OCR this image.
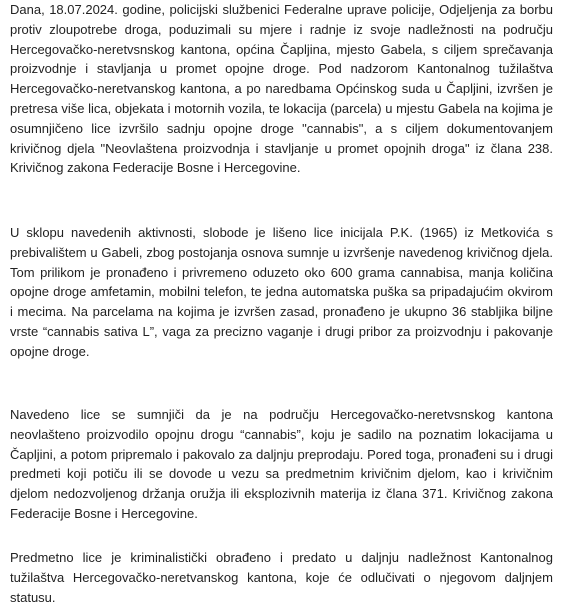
Dana, 18.07.2024. godine, policijski službenici Federalne uprave policije, Odjeljenja za borbu protiv zloupotrebe droga, poduzimali su mjere i radnje iz svoje nadležnosti na području Hercegovačko-neretvsnskog kantona, općina Čapljina, mjesto Gabela, s ciljem sprečavanja proizvodnje i stavljanja u promet opojne droge. Pod nadzorom Kantonalnog tužilaštva Hercegovačko-neretvanskog kantona, a po naredbama Općinskog suda u Čapljini, izvršen je pretresa više lica, objekata i motornih vozila, te lokacija (parcela) u mjestu Gabela na kojima je osumnjičeno lice izvršilo sadnju opojne droge "cannabis", a s ciljem dokumentovanjem krivičnog djela "Neovlaštena proizvodnja i stavljanje u promet opojnih droga" iz člana 238. Krivičnog zakona Federacije Bosne i Hercegovine.

U sklopu navedenih aktivnosti, slobode je lišeno lice inicijala P.K. (1965) iz Metkovića s prebivalištem u Gabeli, zbog postojanja osnova sumnje u izvršenje navedenog krivičnog djela. Tom prilikom je pronađeno i privremeno oduzeto oko 600 grama cannabisa, manja količina opojne droge amfetamin, mobilni telefon, te jedna automatska puška sa pripadajućim okvirom i mecima. Na parcelama na kojima je izvršen zasad, pronađeno je ukupno 36 stabljika biljne vrste “cannabis sativa L”, vaga za precizno vaganje i drugi pribor za proizvodnju i pakovanje opojne droge.

Navedeno lice se sumnjiči da je na području Hercegovačko-neretvsnskog kantona neovlašteno proizvodilo opojnu drogu “cannabis”, koju je sadilo na poznatim lokacijama u Čapljini, a potom pripremalo i pakovalo za daljnju preprodaju. Pored toga, pronađeni su i drugi predmeti koji potiču ili se dovode u vezu sa predmetnim krivičnim djelom, kao i krivičnim djelom nedozvoljenog držanja oružja ili eksplozivnih materija iz člana 371. Krivičnog zakona Federacije Bosne i Hercegovine.

Predmetno lice je kriminalistički obrađeno i predato u daljnju nadležnost Kantonalnog tužilaštva Hercegovačko-neretvanskog kantona, koje će odlučivati o njegovom daljnjem statusu.
